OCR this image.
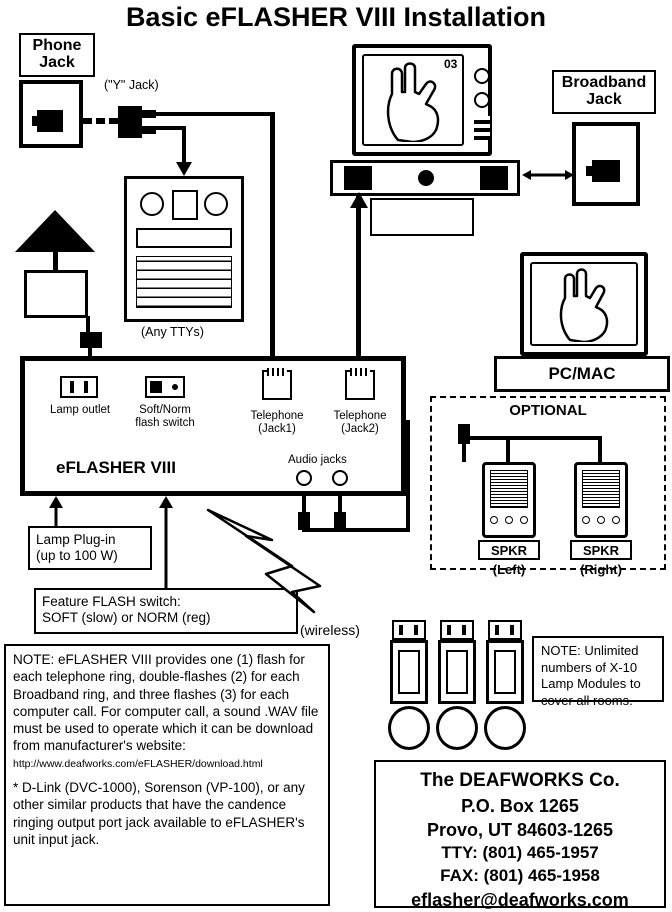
Basic eFLASHER VIII Installation
Phone
Jack
("Y" Jack)
(Any TTYs)
03
Broadband
Jack
PC/MAC
Lamp outlet	Soft/Norm
flash switch
Telephone
(Jack1)
Telephone
(Jack2)
eFLASHER VIII	Audio jacks
Lamp Plug-in
(up to 100 W)
Feature FLASH switch:
SOFT (slow) or NORM (reg)
OPTIONAL
SPKR
(Left)
SPKR
(Right)
(wireless)
NOTE: Unlimited numbers of X-10 Lamp Modules to cover all rooms.
NOTE: eFLASHER VIII provides one (1) flash for each telephone ring, double-flashes (2) for each Broadband ring, and three flashes (3) for each computer call. For computer call, a sound .WAV file must be used to operate which it can be download from manufacturer's website:
http://www.deafworks.com/eFLASHER/download.html
* D-Link (DVC-1000), Sorenson (VP-100), or any other similar products that have the candence ringing output port jack available to eFLASHER's unit input jack.
The DEAFWORKS Co.
P.O. Box 1265
Provo, UT 84603-1265
TTY: (801) 465-1957
FAX: (801) 465-1958
eflasher@deafworks.com
